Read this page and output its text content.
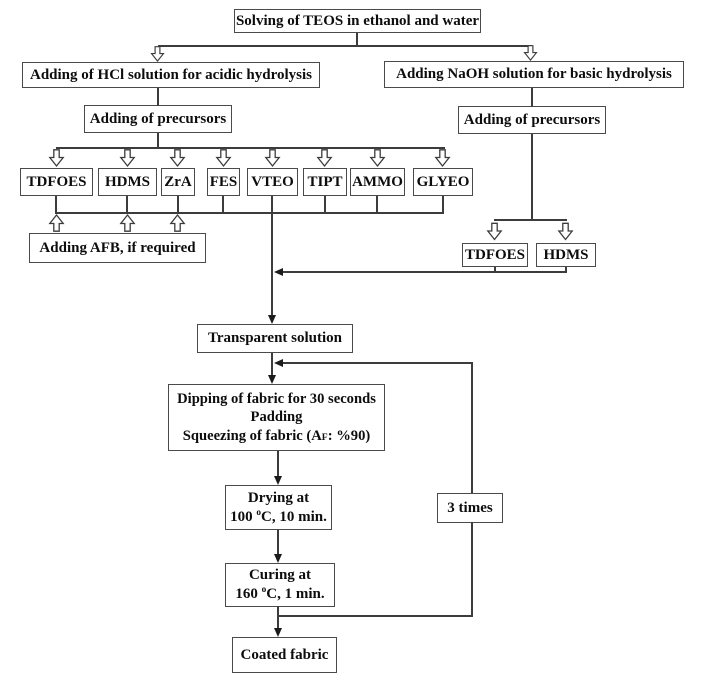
Solving of TEOS in ethanol and water
Adding of HCl solution for acidic hydrolysis	Adding NaOH solution for basic hydrolysis
Adding of precursors	Adding of precursors
TDFOES	HDMS ZrA FES VTEO TIPT AMMO GLYEO
Adding AFB, if required	TDFOES	HDMS
Transparent solution
Dipping of fabric for 30 seconds
Padding
Squeezing of fabric (AF: %90)
Drying at
100 $^o$C, 10 min.
3 times
Curing at
160 $^o$C, 1 min.
Coated fabric
